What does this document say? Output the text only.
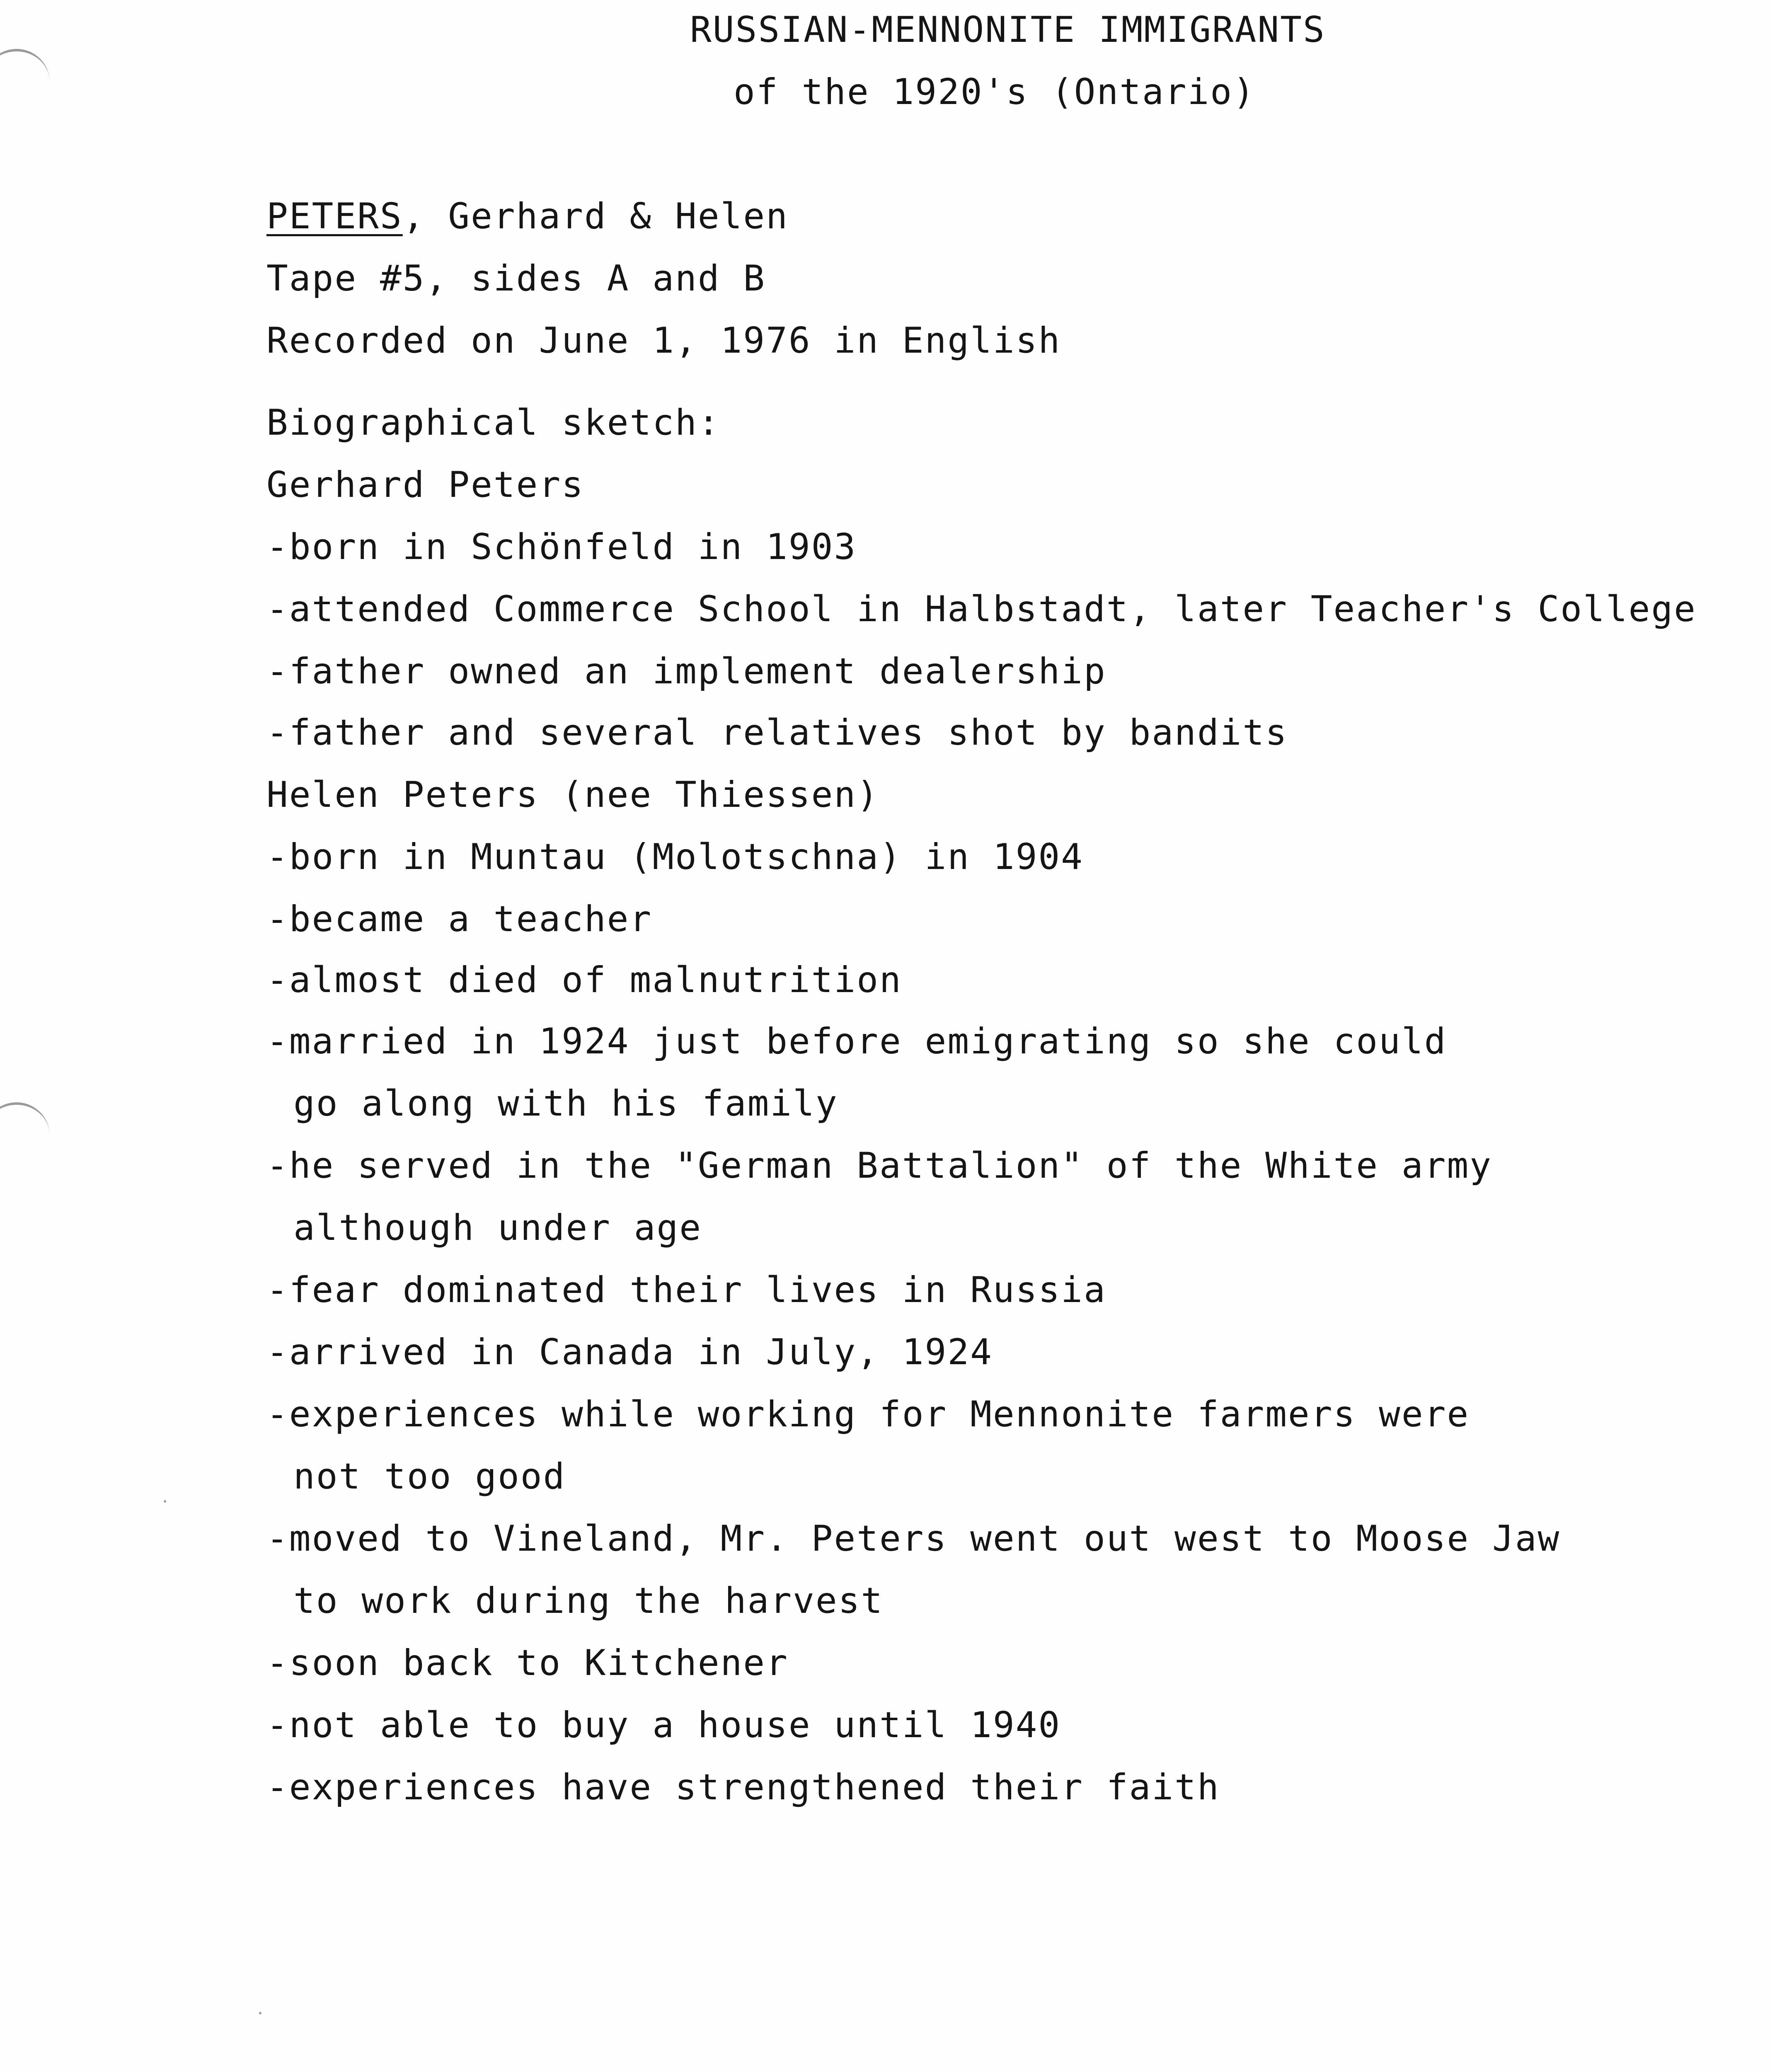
RUSSIAN-MENNONITE IMMIGRANTS
of the 1920's (Ontario)
PETERS, Gerhard & Helen
Tape #5, sides A and B
Recorded on June 1, 1976 in English
Biographical sketch:
Gerhard Peters
-born in Schönfeld in 1903
-attended Commerce School in Halbstadt, later Teacher's College
-father owned an implement dealership
-father and several relatives shot by bandits
Helen Peters (nee Thiessen)
-born in Muntau (Molotschna) in 1904
-became a teacher
-almost died of malnutrition
-married in 1924 just before emigrating so she could
go along with his family
-he served in the "German Battalion" of the White army
although under age
-fear dominated their lives in Russia
-arrived in Canada in July, 1924
-experiences while working for Mennonite farmers were
not too good
-moved to Vineland, Mr. Peters went out west to Moose Jaw
to work during the harvest
-soon back to Kitchener
-not able to buy a house until 1940
-experiences have strengthened their faith
